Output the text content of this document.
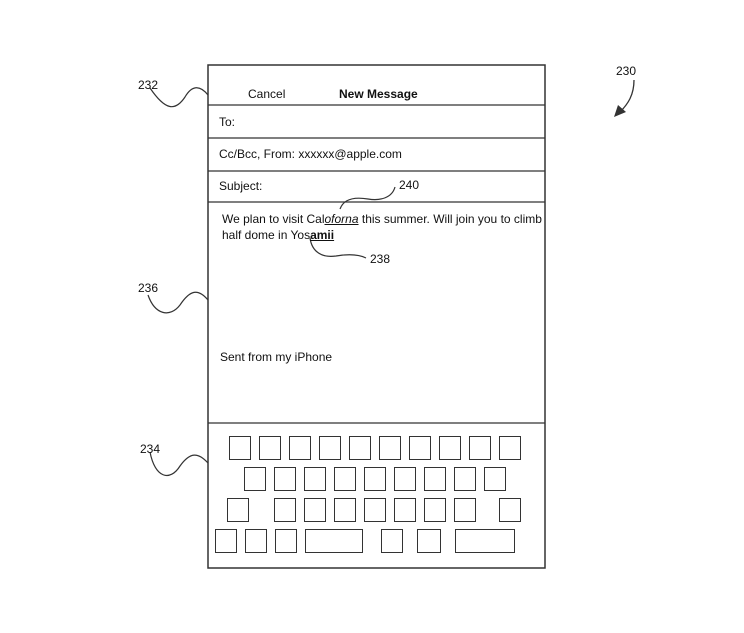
232
230
240
238
236
234
Cancel	New Message
To:
Cc/Bcc, From: xxxxxx@apple.com
Subject:
We plan to visit Caloforna this summer. Will join you to climb
half dome in Yosamii
Sent from my iPhone
